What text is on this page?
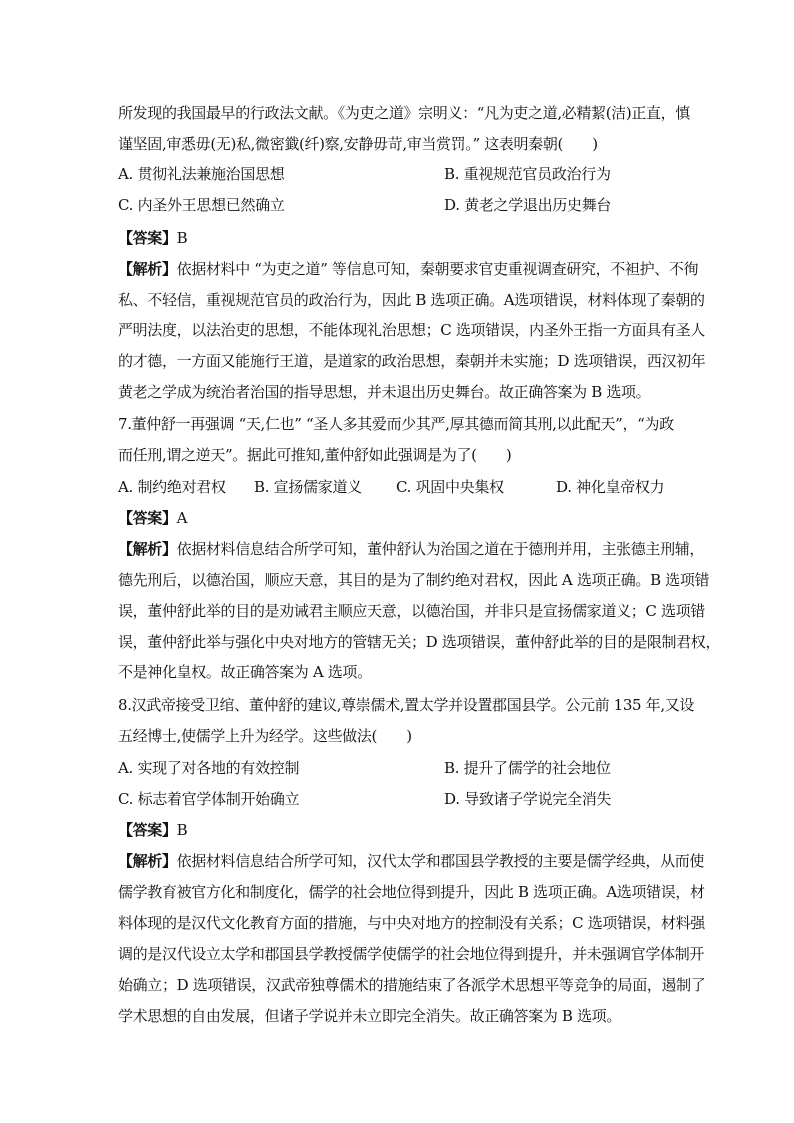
所发现的我国最早的行政法文献。《为吏之道》宗明义：“凡为吏之道,必精絜(洁)正直，慎
谨坚固,审悉毋(无)私,微密韱(纤)察,安静毋苛,审当赏罚。” 这表明秦朝(　　)
A. 贯彻礼法兼施治国思想	B. 重视规范官员政治行为
C. 内圣外王思想已然确立	D. 黄老之学退出历史舞台
【答案】B
【解析】依据材料中 “为吏之道” 等信息可知，秦朝要求官吏重视调查研究，不袒护、不徇
私、不轻信，重视规范官员的政治行为，因此 B 选项正确。A选项错误，材料体现了秦朝的
严明法度，以法治吏的思想，不能体现礼治思想；C 选项错误，内圣外王指一方面具有圣人
的才德，一方面又能施行王道，是道家的政治思想，秦朝并未实施；D 选项错误，西汉初年
黄老之学成为统治者治国的指导思想，并未退出历史舞台。故正确答案为 B 选项。
7.董仲舒一再强调 “天,仁也” “圣人多其爱而少其严,厚其德而简其刑,以此配天”，“为政
而任刑,谓之逆天”。据此可推知,董仲舒如此强调是为了(　　)
A. 制约绝对君权 B. 宣扬儒家道义 C. 巩固中央集权	D. 神化皇帝权力
【答案】A
【解析】依据材料信息结合所学可知，董仲舒认为治国之道在于德刑并用，主张德主刑辅，
德先刑后，以德治国，顺应天意，其目的是为了制约绝对君权，因此 A 选项正确。B 选项错
误，董仲舒此举的目的是劝诫君主顺应天意，以德治国，并非只是宣扬儒家道义；C 选项错
误，董仲舒此举与强化中央对地方的管辖无关；D 选项错误，董仲舒此举的目的是限制君权，
不是神化皇权。故正确答案为 A 选项。
8.汉武帝接受卫绾、董仲舒的建议,尊崇儒术,置太学并设置郡国县学。公元前 135 年,又设
五经博士,使儒学上升为经学。这些做法(　　)
A. 实现了对各地的有效控制	B. 提升了儒学的社会地位
C. 标志着官学体制开始确立	D. 导致诸子学说完全消失
【答案】B
【解析】依据材料信息结合所学可知，汉代太学和郡国县学教授的主要是儒学经典，从而使
儒学教育被官方化和制度化，儒学的社会地位得到提升，因此 B 选项正确。A选项错误，材
料体现的是汉代文化教育方面的措施，与中央对地方的控制没有关系；C 选项错误，材料强
调的是汉代设立太学和郡国县学教授儒学使儒学的社会地位得到提升，并未强调官学体制开
始确立；D 选项错误，汉武帝独尊儒术的措施结束了各派学术思想平等竞争的局面，遏制了
学术思想的自由发展，但诸子学说并未立即完全消失。故正确答案为 B 选项。
